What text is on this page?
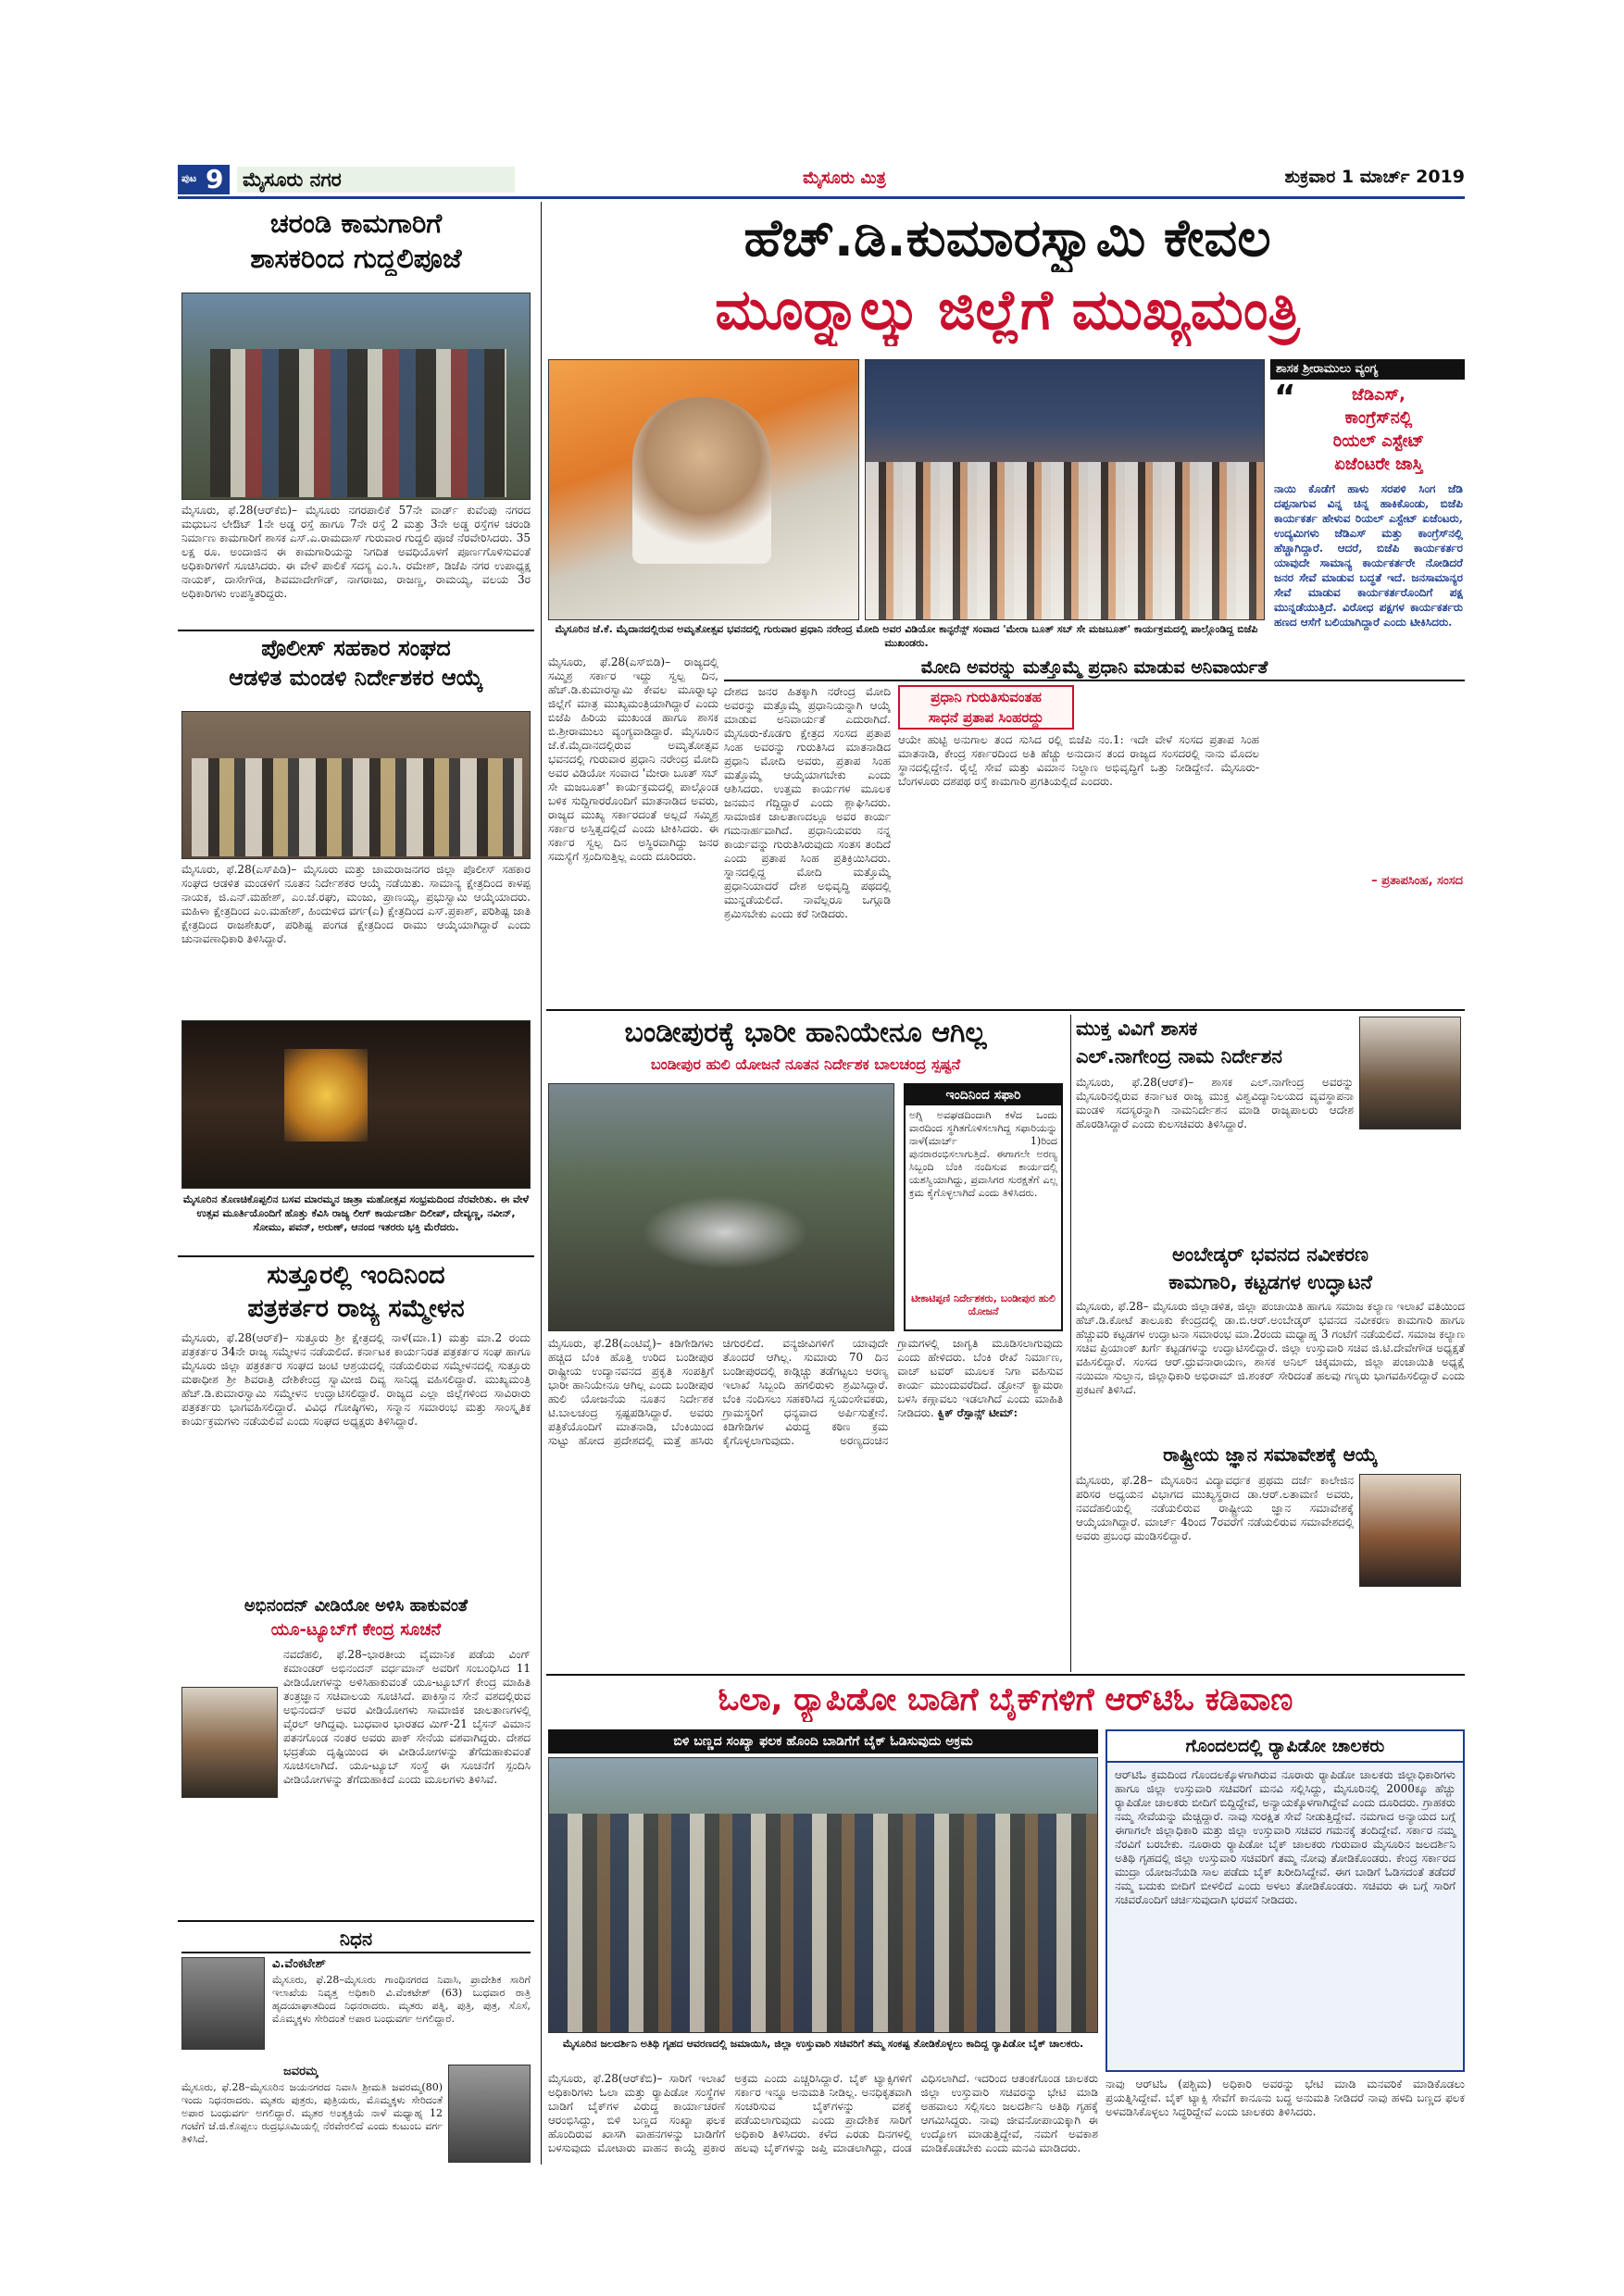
ಪುಟ 9 ಮೈಸೂರು ನಗರ	ಮೈಸೂರು ಮಿತ್ರ	ಶುಕ್ರವಾರ 1 ಮಾರ್ಚ್ 2019
ಚರಂಡಿ ಕಾಮಗಾರಿಗೆ
ಶಾಸಕರಿಂದ ಗುದ್ದಲಿಪೂಜೆ
ಮೈಸೂರು, ಫೆ.28(ಆರ್‌ಕೆಬಿ)– ಮೈಸೂರು ನಗರಪಾಲಿಕೆ 57ನೇ ವಾರ್ಡ್ ಕುವೆಂಪು ನಗರದ ಮಧುಬನ ಲೇಔಟ್ 1ನೇ ಅಡ್ಡ ರಸ್ತೆ ಹಾಗೂ 7ನೇ ರಸ್ತೆ 2 ಮತ್ತು 3ನೇ ಅಡ್ಡ ರಸ್ತೆಗಳ ಚರಂಡಿ ನಿರ್ಮಾಣ ಕಾಮಗಾರಿಗೆ ಶಾಸಕ ಎಸ್.ಎ.ರಾಮದಾಸ್ ಗುರುವಾರ ಗುದ್ದಲಿ ಪೂಜೆ ನೆರವೇರಿಸಿದರು. 35 ಲಕ್ಷ ರೂ. ಅಂದಾಜಿನ ಈ ಕಾಮಗಾರಿಯನ್ನು ನಿಗದಿತ ಅವಧಿಯೊಳಗೆ ಪೂರ್ಣಗೊಳಿಸುವಂತೆ ಅಧಿಕಾರಿಗಳಿಗೆ ಸೂಚಿಸಿದರು. ಈ ವೇಳೆ ಪಾಲಿಕೆ ಸದಸ್ಯ ಎಂ.ಸಿ. ರಮೇಶ್, ಡಿಜೆಪಿ ನಗರ ಉಪಾಧ್ಯಕ್ಷ ನಾಯಕ್, ದಾಸೇಗೌಡ, ಶಿವಮಾದೇಗೌಡ್, ನಾಗರಾಜು, ರಾಜಣ್ಣ, ರಾಮಯ್ಯ, ವಲಯ 3ರ ಅಧಿಕಾರಿಗಳು ಉಪಸ್ಥಿತರಿದ್ದರು.
ಪೊಲೀಸ್ ಸಹಕಾರ ಸಂಘದ
ಆಡಳಿತ ಮಂಡಳಿ ನಿರ್ದೇಶಕರ ಆಯ್ಕೆ
ಮೈಸೂರು, ಫೆ.28(ಎಸ್‌ಪಿಡಿ)– ಮೈಸೂರು ಮತ್ತು ಚಾಮರಾಜನಗರ ಜಿಲ್ಲಾ ಪೊಲೀಸ್ ಸಹಕಾರ ಸಂಘದ ಆಡಳಿತ ಮಂಡಳಿಗೆ ನೂತನ ನಿರ್ದೇಶಕರ ಆಯ್ಕೆ ನಡೆಯಿತು. ಸಾಮಾನ್ಯ ಕ್ಷೇತ್ರದಿಂದ ಕಾಳಪ್ಪ ನಾಯಕ, ಜಿ.ಎನ್.ಮಹೇಶ್, ಎಂ.ಜೆ.ರಘು, ಮಂಜು, ಪ್ರಾಣಯ್ಯ, ಪ್ರಭುಸ್ವಾಮಿ ಆಯ್ಕೆಯಾದರು. ಮಹಿಳಾ ಕ್ಷೇತ್ರದಿಂದ ಎಂ.ಮಹೇಶ್, ಹಿಂದುಳಿದ ವರ್ಗ(ಎ) ಕ್ಷೇತ್ರದಿಂದ ಎಸ್.ಪ್ರಕಾಶ್, ಪರಿಶಿಷ್ಟ ಜಾತಿ ಕ್ಷೇತ್ರದಿಂದ ರಾಜಶೇಖರ್, ಪರಿಶಿಷ್ಟ ಪಂಗಡ ಕ್ಷೇತ್ರದಿಂದ ರಾಮು ಆಯ್ಕೆಯಾಗಿದ್ದಾರೆ ಎಂದು ಚುನಾವಣಾಧಿಕಾರಿ ತಿಳಿಸಿದ್ದಾರೆ.
ಮೈಸೂರಿನ ತೊಣಚಿಕೊಪ್ಪಲಿನ ಬಸವ ಮಾರಮ್ಮನ ಜಾತ್ರಾ ಮಹೋತ್ಸವ ಸಂಭ್ರಮದಿಂದ ನೆರವೇರಿತು. ಈ ವೇಳೆ ಉತ್ಸವ ಮೂರ್ತಿಯೊಂದಿಗೆ ಹೊತ್ತು ಕೆವಿಸಿ ರಾಜ್ಯ ಲೀಗ್ ಕಾರ್ಯದರ್ಶಿ ದಿಲೀಪ್, ದೇವ್ಯಣ್ಣ, ನವೀನ್, ಸೋಮು, ಪವನ್, ಅರುಣ್, ಆನಂದ ಇತರರು ಭಕ್ತಿ ಮೆರೆದರು.
ಸುತ್ತೂರಲ್ಲಿ ಇಂದಿನಿಂದ
ಪತ್ರಕರ್ತರ ರಾಜ್ಯ ಸಮ್ಮೇಳನ
ಮೈಸೂರು, ಫೆ.28(ಆರ್‌ಕೆ)– ಸುತ್ತೂರು ಶ್ರೀ ಕ್ಷೇತ್ರದಲ್ಲಿ ನಾಳೆ(ಮಾ.1) ಮತ್ತು ಮಾ.2 ರಂದು ಪತ್ರಕರ್ತರ 34ನೇ ರಾಜ್ಯ ಸಮ್ಮೇಳನ ನಡೆಯಲಿದೆ. ಕರ್ನಾಟಕ ಕಾರ್ಯನಿರತ ಪತ್ರಕರ್ತರ ಸಂಘ ಹಾಗೂ ಮೈಸೂರು ಜಿಲ್ಲಾ ಪತ್ರಕರ್ತರ ಸಂಘದ ಜಂಟಿ ಆಶ್ರಯದಲ್ಲಿ ನಡೆಯಲಿರುವ ಸಮ್ಮೇಳನದಲ್ಲಿ ಸುತ್ತೂರು ಮಠಾಧೀಶ ಶ್ರೀ ಶಿವರಾತ್ರಿ ದೇಶಿಕೇಂದ್ರ ಸ್ವಾಮೀಜಿ ದಿವ್ಯ ಸಾನಿಧ್ಯ ವಹಿಸಲಿದ್ದಾರೆ. ಮುಖ್ಯಮಂತ್ರಿ ಹೆಚ್.ಡಿ.ಕುಮಾರಸ್ವಾಮಿ ಸಮ್ಮೇಳನ ಉದ್ಘಾಟಿಸಲಿದ್ದಾರೆ. ರಾಜ್ಯದ ಎಲ್ಲಾ ಜಿಲ್ಲೆಗಳಿಂದ ಸಾವಿರಾರು ಪತ್ರಕರ್ತರು ಭಾಗವಹಿಸಲಿದ್ದಾರೆ. ವಿವಿಧ ಗೋಷ್ಠಿಗಳು, ಸನ್ಮಾನ ಸಮಾರಂಭ ಮತ್ತು ಸಾಂಸ್ಕೃತಿಕ ಕಾರ್ಯಕ್ರಮಗಳು ನಡೆಯಲಿವೆ ಎಂದು ಸಂಘದ ಅಧ್ಯಕ್ಷರು ತಿಳಿಸಿದ್ದಾರೆ.
ಅಭಿನಂದನ್ ವೀಡಿಯೋ ಅಳಿಸಿ ಹಾಕುವಂತೆ
ಯೂ-ಟ್ಯೂಬ್‌ಗೆ ಕೇಂದ್ರ ಸೂಚನೆ
ನವದೆಹಲಿ, ಫೆ.28–ಭಾರತೀಯ ವೈಮಾನಿಕ ಪಡೆಯ ವಿಂಗ್ ಕಮಾಂಡರ್ ಅಭಿನಂದನ್ ವರ್ಧಮಾನ್ ಅವರಿಗೆ ಸಂಬಂಧಿಸಿದ 11 ವೀಡಿಯೋಗಳನ್ನು ಅಳಿಸಿಹಾಕುವಂತೆ ಯೂ-ಟ್ಯೂಬ್‌ಗೆ ಕೇಂದ್ರ ಮಾಹಿತಿ ತಂತ್ರಜ್ಞಾನ ಸಚಿವಾಲಯ ಸೂಚಿಸಿದೆ. ಪಾಕಿಸ್ತಾನ ಸೇನೆ ವಶದಲ್ಲಿರುವ ಅಭಿನಂದನ್ ಅವರ ವೀಡಿಯೋಗಳು ಸಾಮಾಜಿಕ ಜಾಲತಾಣಗಳಲ್ಲಿ ವೈರಲ್ ಆಗಿದ್ದವು. ಬುಧವಾರ ಭಾರತದ ಮಿಗ್-21 ಬೈಸನ್ ವಿಮಾನ ಪತನಗೊಂಡ ನಂತರ ಅವರು ಪಾಕ್ ಸೇನೆಯ ವಶವಾಗಿದ್ದರು. ದೇಶದ ಭದ್ರತೆಯ ದೃಷ್ಟಿಯಿಂದ ಈ ವೀಡಿಯೋಗಳನ್ನು ತೆಗೆದುಹಾಕುವಂತೆ ಸೂಚಿಸಲಾಗಿದೆ. ಯೂ-ಟ್ಯೂಬ್ ಸಂಸ್ಥೆ ಈ ಸೂಚನೆಗೆ ಸ್ಪಂದಿಸಿ ವೀಡಿಯೋಗಳನ್ನು ತೆಗೆದುಹಾಕಿದೆ ಎಂದು ಮೂಲಗಳು ತಿಳಿಸಿವೆ.
ನಿಧನ
ವಿ.ವೆಂಕಟೇಶ್
ಮೈಸೂರು, ಫೆ.28–ಮೈಸೂರು ಗಾಂಧಿನಗರದ ನಿವಾಸಿ, ಪ್ರಾದೇಶಿಕ ಸಾರಿಗೆ ಇಲಾಖೆಯ ನಿವೃತ್ತ ಅಧಿಕಾರಿ ವಿ.ವೆಂಕಟೇಶ್ (63) ಬುಧವಾರ ರಾತ್ರಿ ಹೃದಯಾಘಾತದಿಂದ ನಿಧನರಾದರು. ಮೃತರು ಪತ್ನಿ, ಪುತ್ರಿ, ಪುತ್ರ, ಸೊಸೆ, ಮೊಮ್ಮಕ್ಕಳು ಸೇರಿದಂತೆ ಅಪಾರ ಬಂಧುವರ್ಗ ಅಗಲಿದ್ದಾರೆ.
ಜವರಮ್ಮ
ಮೈಸೂರು, ಫೆ.28–ಮೈಸೂರಿನ ಜಯನಗರದ ನಿವಾಸಿ ಶ್ರೀಮತಿ ಜವರಮ್ಮ(80) ಇಂದು ನಿಧನರಾದರು. ಮೃತರು ಪುತ್ರರು, ಪುತ್ರಿಯರು, ಮೊಮ್ಮಕ್ಕಳು ಸೇರಿದಂತೆ ಅಪಾರ ಬಂಧುವರ್ಗ ಅಗಲಿದ್ದಾರೆ. ಮೃತರ ಅಂತ್ಯಕ್ರಿಯೆ ನಾಳೆ ಮಧ್ಯಾಹ್ನ 12 ಗಂಟೆಗೆ ಜೆ.ಜಿ.ಕೊಪ್ಪಲು ರುದ್ರಭೂಮಿಯಲ್ಲಿ ನೆರವೇರಲಿದೆ ಎಂದು ಕುಟುಂಬ ವರ್ಗ ತಿಳಿಸಿದೆ.
ಹೆಚ್.ಡಿ.ಕುಮಾರಸ್ವಾಮಿ ಕೇವಲ
ಮೂರ್‍ನಾಲ್ಕು ಜಿಲ್ಲೆಗೆ ಮುಖ್ಯಮಂತ್ರಿ
ಮೈಸೂರಿನ ಜೆ.ಕೆ. ಮೈದಾನದಲ್ಲಿರುವ ಅಮೃತೋತ್ಸವ ಭವನದಲ್ಲಿ ಗುರುವಾರ ಪ್ರಧಾನಿ ನರೇಂದ್ರ ಮೋದಿ ಅವರ ವಿಡಿಯೋ ಕಾನ್ಫರೆನ್ಸ್ ಸಂವಾದ 'ಮೇರಾ ಬೂತ್ ಸಬ್ ಸೇ ಮಜಬೂತ್' ಕಾರ್ಯಕ್ರಮದಲ್ಲಿ ಪಾಲ್ಗೊಂಡಿದ್ದ ಬಿಜೆಪಿ ಮುಖಂಡರು.
ಮೈಸೂರು, ಫೆ.28(ಎಸ್‌ಬಿಡಿ)– ರಾಜ್ಯದಲ್ಲಿ ಸಮ್ಮಿಶ್ರ ಸರ್ಕಾರ ಇದ್ದು ಸ್ವಲ್ಪ ದಿನ, ಹೆಚ್.ಡಿ.ಕುಮಾರಸ್ವಾಮಿ ಕೇವಲ ಮೂರ್‍ನಾಲ್ಕು ಜಿಲ್ಲೆಗೆ ಮಾತ್ರ ಮುಖ್ಯಮಂತ್ರಿಯಾಗಿದ್ದಾರೆ ಎಂದು ಬಿಜೆಪಿ ಹಿರಿಯ ಮುಖಂಡ ಹಾಗೂ ಶಾಸಕ ಬಿ.ಶ್ರೀರಾಮುಲು ವ್ಯಂಗ್ಯವಾಡಿದ್ದಾರೆ. ಮೈಸೂರಿನ ಜೆ.ಕೆ.ಮೈದಾನದಲ್ಲಿರುವ ಅಮೃತೋತ್ಸವ ಭವನದಲ್ಲಿ ಗುರುವಾರ ಪ್ರಧಾನಿ ನರೇಂದ್ರ ಮೋದಿ ಅವರ ವಿಡಿಯೋ ಸಂವಾದ 'ಮೇರಾ ಬೂತ್ ಸಬ್ ಸೇ ಮಜಬೂತ್' ಕಾರ್ಯಕ್ರಮದಲ್ಲಿ ಪಾಲ್ಗೊಂಡ ಬಳಿಕ ಸುದ್ದಿಗಾರರೊಂದಿಗೆ ಮಾತನಾಡಿದ ಅವರು, ರಾಜ್ಯದ ಮುಖ್ಯ ಸರ್ಕಾರದಂತೆ ಅಲ್ಲದೆ ಸಮ್ಮಿಶ್ರ ಸರ್ಕಾರ ಅಸ್ತಿತ್ವದಲ್ಲಿದೆ ಎಂದು ಟೀಕಿಸಿದರು. ಈ ಸರ್ಕಾರ ಸ್ವಲ್ಪ ದಿನ ಅಸ್ಥಿರವಾಗಿದ್ದು ಜನರ ಸಮಸ್ಯೆಗೆ ಸ್ಪಂದಿಸುತ್ತಿಲ್ಲ ಎಂದು ದೂರಿದರು.
ಮೋದಿ ಅವರನ್ನು ಮತ್ತೊಮ್ಮೆ ಪ್ರಧಾನಿ ಮಾಡುವ ಅನಿವಾರ್ಯತೆ
ದೇಶದ ಜನರ ಹಿತಕ್ಕಾಗಿ ನರೇಂದ್ರ ಮೋದಿ ಅವರನ್ನು ಮತ್ತೊಮ್ಮೆ ಪ್ರಧಾನಿಯನ್ನಾಗಿ ಆಯ್ಕೆ ಮಾಡುವ ಅನಿವಾರ್ಯತೆ ಎದುರಾಗಿದೆ. ಮೈಸೂರು-ಕೊಡಗು ಕ್ಷೇತ್ರದ ಸಂಸದ ಪ್ರತಾಪ ಸಿಂಹ ಅವರನ್ನು ಗುರುತಿಸಿದ ಮಾತನಾಡಿದ ಪ್ರಧಾನಿ ಮೋದಿ ಅವರು, ಪ್ರತಾಪ ಸಿಂಹ ಮತ್ತೊಮ್ಮೆ ಆಯ್ಕೆಯಾಗಬೇಕು ಎಂದು ಆಶಿಸಿದರು. ಉತ್ತಮ ಕಾರ್ಯಗಳ ಮೂಲಕ ಜನಮನ ಗೆದ್ದಿದ್ದಾರೆ ಎಂದು ಶ್ಲಾಘಿಸಿದರು. ಸಾಮಾಜಿಕ ಜಾಲತಾಣದಲ್ಲೂ ಅವರ ಕಾರ್ಯ ಗಮನಾರ್ಹವಾಗಿದೆ. ಪ್ರಧಾನಿಯವರು ನನ್ನ ಕಾರ್ಯವನ್ನು ಗುರುತಿಸಿರುವುದು ಸಂತಸ ತಂದಿದೆ ಎಂದು ಪ್ರತಾಪ ಸಿಂಹ ಪ್ರತಿಕ್ರಿಯಿಸಿದರು. ಸ್ನಾನದಲ್ಲಿದ್ದ ಮೋದಿ ಮತ್ತೊಮ್ಮೆ ಪ್ರಧಾನಿಯಾದರೆ ದೇಶ ಅಭಿವೃದ್ಧಿ ಪಥದಲ್ಲಿ ಮುನ್ನಡೆಯಲಿದೆ. ನಾವೆಲ್ಲರೂ ಒಗ್ಗೂಡಿ ಶ್ರಮಿಸಬೇಕು ಎಂದು ಕರೆ ನೀಡಿದರು.
ಪ್ರಧಾನಿ ಗುರುತಿಸುವಂತಹ
ಸಾಧನೆ ಪ್ರತಾಪ ಸಿಂಹರದ್ದು
ಆಯೇ ಹುಟ್ಟಿ ಅನುಗಾಲ ತಂದ ಸುಸಿದ ರಲ್ಲಿ ಬಿಜೆಪಿ ನಂ.1: ಇದೇ ವೇಳೆ ಸಂಸದ ಪ್ರತಾಪ ಸಿಂಹ ಮಾತನಾಡಿ, ಕೇಂದ್ರ ಸರ್ಕಾರದಿಂದ ಅತಿ ಹೆಚ್ಚು ಅನುದಾನ ತಂದ ರಾಜ್ಯದ ಸಂಸದರಲ್ಲಿ ನಾನು ಮೊದಲ ಸ್ಥಾನದಲ್ಲಿದ್ದೇನೆ. ರೈಲ್ವೆ ಸೇವೆ ಮತ್ತು ವಿಮಾನ ನಿಲ್ದಾಣ ಅಭಿವೃದ್ಧಿಗೆ ಒತ್ತು ನೀಡಿದ್ದೇನೆ. ಮೈಸೂರು-ಬೆಂಗಳೂರು ದಶಪಥ ರಸ್ತೆ ಕಾಮಗಾರಿ ಪ್ರಗತಿಯಲ್ಲಿದೆ ಎಂದರು.
ಶಾಸಕ ಶ್ರೀರಾಮುಲು ವ್ಯಂಗ್ಯ
“	ಜೆಡಿಎಸ್,
ಕಾಂಗ್ರೆಸ್‌ನಲ್ಲಿ
ರಿಯಲ್ ಎಸ್ಟೇಟ್
ಏಜೆಂಟರೇ ಜಾಸ್ತಿ
ನಾಯಿ ಕೊಡೆಗೆ ಹಾಳು ಸರಪಳಿ ಸಿಂಗ ಜೆಡಿ ದಪ್ಪನಾಗುವ ವಿನ್ನ ಚಿನ್ನ ಹಾಕಿಕೊಂಡು, ಬಿಜೆಪಿ ಕಾರ್ಯಕರ್ತ ಹೇಳುವ ರಿಯಲ್ ಎಸ್ಟೇಟ್ ಏಜೆಂಟರು, ಉದ್ಯಮಿಗಳು ಜೆಡಿಎಸ್ ಮತ್ತು ಕಾಂಗ್ರೆಸ್‌ನಲ್ಲಿ ಹೆಚ್ಚಾಗಿದ್ದಾರೆ. ಆದರೆ, ಬಿಜೆಪಿ ಕಾರ್ಯಕರ್ತರ ಯಾವುದೇ ಸಾಮಾನ್ಯ ಕಾರ್ಯಕರ್ತರೇ ನೋಡಿದರೆ ಜನರ ಸೇವೆ ಮಾಡುವ ಬದ್ಧತೆ ಇದೆ. ಜನಸಾಮಾನ್ಯರ ಸೇವೆ ಮಾಡುವ ಕಾರ್ಯಕರ್ತರೊಂದಿಗೆ ಪಕ್ಷ ಮುನ್ನಡೆಯುತ್ತಿದೆ. ವಿರೋಧ ಪಕ್ಷಗಳ ಕಾರ್ಯಕರ್ತರು ಹಣದ ಆಸೆಗೆ ಬಲಿಯಾಗಿದ್ದಾರೆ ಎಂದು ಟೀಕಿಸಿದರು.
– ಪ್ರತಾಪಸಿಂಹ, ಸಂಸದ
ಬಂಡೀಪುರಕ್ಕೆ ಭಾರೀ ಹಾನಿಯೇನೂ ಆಗಿಲ್ಲ
ಬಂಡೀಪುರ ಹುಲಿ ಯೋಜನೆ ನೂತನ ನಿರ್ದೇಶಕ ಬಾಲಚಂದ್ರ ಸ್ಪಷ್ಟನೆ
ಇಂದಿನಿಂದ ಸಫಾರಿ
ಅಗ್ನಿ ಅವಘಡದಿಂದಾಗಿ ಕಳೆದ ಒಂದು ವಾರದಿಂದ ಸ್ಥಗಿತಗೊಳಿಸಲಾಗಿದ್ದ ಸಫಾರಿಯನ್ನು ನಾಳೆ(ಮಾರ್ಚ್ 1)ರಿಂದ ಪುನರಾರಂಭಿಸಲಾಗುತ್ತಿದೆ. ಈಗಾಗಲೇ ಅರಣ್ಯ ಸಿಬ್ಬಂದಿ ಬೆಂಕಿ ನಂದಿಸುವ ಕಾರ್ಯದಲ್ಲಿ ಯಶಸ್ವಿಯಾಗಿದ್ದು, ಪ್ರವಾಸಿಗರ ಸುರಕ್ಷತೆಗೆ ಎಲ್ಲ ಕ್ರಮ ಕೈಗೊಳ್ಳಲಾಗಿದೆ ಎಂದು ತಿಳಿಸಿದರು.
ಟೀಕಾಟಿಪ್ಪಣಿ ನಿರ್ದೇಶಕರು, ಬಂಡೀಪುರ ಹುಲಿ ಯೋಜನೆ
ಮೈಸೂರು, ಫೆ.28(ಎಂಟಿವೈ)– ಕಿಡಿಗೇಡಿಗಳು ಹಚ್ಚಿದ ಬೆಂಕಿ ಹೊತ್ತಿ ಉರಿದ ಬಂಡೀಪುರ ರಾಷ್ಟ್ರೀಯ ಉದ್ಯಾನವನದ ಪ್ರಕೃತಿ ಸಂಪತ್ತಿಗೆ ಭಾರೀ ಹಾನಿಯೇನೂ ಆಗಿಲ್ಲ ಎಂದು ಬಂಡೀಪುರ ಹುಲಿ ಯೋಜನೆಯ ನೂತನ ನಿರ್ದೇಶಕ ಟಿ.ಬಾಲಚಂದ್ರ ಸ್ಪಷ್ಟಪಡಿಸಿದ್ದಾರೆ. ಅವರು ಪತ್ರಿಕೆಯೊಂದಿಗೆ ಮಾತನಾಡಿ, ಬೆಂಕಿಯಿಂದ ಸುಟ್ಟು ಹೋದ ಪ್ರದೇಶದಲ್ಲಿ ಮತ್ತೆ ಹಸಿರು ಚಿಗುರಲಿದೆ. ವನ್ಯಜೀವಿಗಳಿಗೆ ಯಾವುದೇ ತೊಂದರೆ ಆಗಿಲ್ಲ. ಸುಮಾರು 70 ದಿನ ಬಂಡೀಪುರದಲ್ಲಿ ಕಾಡ್ಗಿಚ್ಚು ತಡೆಗಟ್ಟಲು ಅರಣ್ಯ ಇಲಾಖೆ ಸಿಬ್ಬಂದಿ ಹಗಲಿರುಳು ಶ್ರಮಿಸಿದ್ದಾರೆ. ಬೆಂಕಿ ನಂದಿಸಲು ಸಹಕರಿಸಿದ ಸ್ವಯಂಸೇವಕರು, ಗ್ರಾಮಸ್ಥರಿಗೆ ಧನ್ಯವಾದ ಅರ್ಪಿಸುತ್ತೇನೆ. ಕಿಡಿಗೇಡಿಗಳ ವಿರುದ್ಧ ಕಠಿಣ ಕ್ರಮ ಕೈಗೊಳ್ಳಲಾಗುವುದು. ಅರಣ್ಯದಂಚಿನ ಗ್ರಾಮಗಳಲ್ಲಿ ಜಾಗೃತಿ ಮೂಡಿಸಲಾಗುವುದು ಎಂದು ಹೇಳಿದರು. ಬೆಂಕಿ ರೇಖೆ ನಿರ್ಮಾಣ, ವಾಚ್ ಟವರ್ ಮೂಲಕ ನಿಗಾ ವಹಿಸುವ ಕಾರ್ಯ ಮುಂದುವರೆದಿದೆ. ಡ್ರೋನ್ ಕ್ಯಾಮರಾ ಬಳಸಿ ಕಣ್ಗಾವಲು ಇಡಲಾಗಿದೆ ಎಂದು ಮಾಹಿತಿ ನೀಡಿದರು. ಕ್ವಿಕ್ ರೆಸ್ಪಾನ್ಸ್ ಟೀಮ್:
ಮುಕ್ತ ವಿವಿಗೆ ಶಾಸಕ
ಎಲ್.ನಾಗೇಂದ್ರ ನಾಮ ನಿರ್ದೇಶನ
ಮೈಸೂರು, ಫೆ.28(ಆರ್‌ಕೆ)– ಶಾಸಕ ಎಲ್.ನಾಗೇಂದ್ರ ಅವರನ್ನು ಮೈಸೂರಿನಲ್ಲಿರುವ ಕರ್ನಾಟಕ ರಾಜ್ಯ ಮುಕ್ತ ವಿಶ್ವವಿದ್ಯಾನಿಲಯದ ವ್ಯವಸ್ಥಾಪನಾ ಮಂಡಳಿ ಸದಸ್ಯರನ್ನಾಗಿ ನಾಮನಿರ್ದೇಶನ ಮಾಡಿ ರಾಜ್ಯಪಾಲರು ಆದೇಶ ಹೊರಡಿಸಿದ್ದಾರೆ ಎಂದು ಕುಲಸಚಿವರು ತಿಳಿಸಿದ್ದಾರೆ.
ಅಂಬೇಡ್ಕರ್ ಭವನದ ನವೀಕರಣ
ಕಾಮಗಾರಿ, ಕಟ್ಟಡಗಳ ಉದ್ಘಾಟನೆ
ಮೈಸೂರು, ಫೆ.28– ಮೈಸೂರು ಜಿಲ್ಲಾಡಳಿತ, ಜಿಲ್ಲಾ ಪಂಚಾಯಿತಿ ಹಾಗೂ ಸಮಾಜ ಕಲ್ಯಾಣ ಇಲಾಖೆ ವತಿಯಿಂದ ಹೆಚ್.ಡಿ.ಕೋಟೆ ತಾಲೂಕು ಕೇಂದ್ರದಲ್ಲಿ ಡಾ.ಬಿ.ಆರ್.ಅಂಬೇಡ್ಕರ್ ಭವನದ ನವೀಕರಣ ಕಾಮಗಾರಿ ಹಾಗೂ ಹೆಚ್ಚುವರಿ ಕಟ್ಟಡಗಳ ಉದ್ಘಾಟನಾ ಸಮಾರಂಭ ಮಾ.2ರಂದು ಮಧ್ಯಾಹ್ನ 3 ಗಂಟೆಗೆ ನಡೆಯಲಿದೆ. ಸಮಾಜ ಕಲ್ಯಾಣ ಸಚಿವ ಪ್ರಿಯಾಂಕ್ ಖರ್ಗೆ ಕಟ್ಟಡಗಳನ್ನು ಉದ್ಘಾಟಿಸಲಿದ್ದಾರೆ. ಜಿಲ್ಲಾ ಉಸ್ತುವಾರಿ ಸಚಿವ ಜಿ.ಟಿ.ದೇವೇಗೌಡ ಅಧ್ಯಕ್ಷತೆ ವಹಿಸಲಿದ್ದಾರೆ. ಸಂಸದ ಆರ್.ಧ್ರುವನಾರಾಯಣ, ಶಾಸಕ ಅನಿಲ್ ಚಿಕ್ಕಮಾದು, ಜಿಲ್ಲಾ ಪಂಚಾಯಿತಿ ಅಧ್ಯಕ್ಷೆ ನಯಿಮಾ ಸುಲ್ತಾನ, ಜಿಲ್ಲಾಧಿಕಾರಿ ಅಭಿರಾಮ್ ಜಿ.ಶಂಕರ್ ಸೇರಿದಂತೆ ಹಲವು ಗಣ್ಯರು ಭಾಗವಹಿಸಲಿದ್ದಾರೆ ಎಂದು ಪ್ರಕಟಣೆ ತಿಳಿಸಿದೆ.
ರಾಷ್ಟ್ರೀಯ ಜ್ಞಾನ ಸಮಾವೇಶಕ್ಕೆ ಆಯ್ಕೆ
ಮೈಸೂರು, ಫೆ.28– ಮೈಸೂರಿನ ವಿದ್ಯಾವರ್ಧಕ ಪ್ರಥಮ ದರ್ಜೆ ಕಾಲೇಜಿನ ಪರಿಸರ ಅಧ್ಯಯನ ವಿಭಾಗದ ಮುಖ್ಯಸ್ಥರಾದ ಡಾ.ಆರ್.ಲತಾಮಣಿ ಅವರು, ನವದೆಹಲಿಯಲ್ಲಿ ನಡೆಯಲಿರುವ ರಾಷ್ಟ್ರೀಯ ಜ್ಞಾನ ಸಮಾವೇಶಕ್ಕೆ ಆಯ್ಕೆಯಾಗಿದ್ದಾರೆ. ಮಾರ್ಚ್ 4ರಿಂದ 7ರವರೆಗೆ ನಡೆಯಲಿರುವ ಸಮಾವೇಶದಲ್ಲಿ ಅವರು ಪ್ರಬಂಧ ಮಂಡಿಸಲಿದ್ದಾರೆ.
ಓಲಾ, ರ್‍ಯಾಪಿಡೋ ಬಾಡಿಗೆ ಬೈಕ್‌ಗಳಿಗೆ ಆರ್‌ಟಿಓ ಕಡಿವಾಣ
ಬಿಳಿ ಬಣ್ಣದ ಸಂಖ್ಯಾ ಫಲಕ ಹೊಂದಿ ಬಾಡಿಗೆಗೆ ಬೈಕ್ ಓಡಿಸುವುದು ಅಕ್ರಮ
ಮೈಸೂರಿನ ಜಲದರ್ಶಿನಿ ಅತಿಥಿ ಗೃಹದ ಆವರಣದಲ್ಲಿ ಜಮಾಯಿಸಿ, ಜಿಲ್ಲಾ ಉಸ್ತುವಾರಿ ಸಚಿವರಿಗೆ ತಮ್ಮ ಸಂಕಷ್ಟ ತೋಡಿಕೊಳ್ಳಲು ಕಾದಿದ್ದ ರ್‍ಯಾಪಿಡೋ ಬೈಕ್ ಚಾಲಕರು.
ಮೈಸೂರು, ಫೆ.28(ಆರ್‌ಕೆಬಿ)– ಸಾರಿಗೆ ಇಲಾಖೆ ಅಧಿಕಾರಿಗಳು ಓಲಾ ಮತ್ತು ರ್‍ಯಾಪಿಡೋ ಸಂಸ್ಥೆಗಳ ಬಾಡಿಗೆ ಬೈಕ್‌ಗಳ ವಿರುದ್ಧ ಕಾರ್ಯಾಚರಣೆ ಆರಂಭಿಸಿದ್ದು, ಬಿಳಿ ಬಣ್ಣದ ಸಂಖ್ಯಾ ಫಲಕ ಹೊಂದಿರುವ ಖಾಸಗಿ ವಾಹನಗಳನ್ನು ಬಾಡಿಗೆಗೆ ಬಳಸುವುದು ಮೋಟಾರು ವಾಹನ ಕಾಯ್ದೆ ಪ್ರಕಾರ ಅಕ್ರಮ ಎಂದು ಎಚ್ಚರಿಸಿದ್ದಾರೆ. ಬೈಕ್ ಟ್ಯಾಕ್ಸಿಗಳಿಗೆ ಸರ್ಕಾರ ಇನ್ನೂ ಅನುಮತಿ ನೀಡಿಲ್ಲ. ಅನಧಿಕೃತವಾಗಿ ಸಂಚರಿಸುವ ಬೈಕ್‌ಗಳನ್ನು ವಶಕ್ಕೆ ಪಡೆಯಲಾಗುವುದು ಎಂದು ಪ್ರಾದೇಶಿಕ ಸಾರಿಗೆ ಅಧಿಕಾರಿ ತಿಳಿಸಿದರು. ಕಳೆದ ಎರಡು ದಿನಗಳಲ್ಲಿ ಹಲವು ಬೈಕ್‌ಗಳನ್ನು ಜಪ್ತಿ ಮಾಡಲಾಗಿದ್ದು, ದಂಡ ವಿಧಿಸಲಾಗಿದೆ. ಇದರಿಂದ ಆತಂಕಗೊಂಡ ಚಾಲಕರು ಜಿಲ್ಲಾ ಉಸ್ತುವಾರಿ ಸಚಿವರನ್ನು ಭೇಟಿ ಮಾಡಿ ಅಹವಾಲು ಸಲ್ಲಿಸಲು ಜಲದರ್ಶಿನಿ ಅತಿಥಿ ಗೃಹಕ್ಕೆ ಆಗಮಿಸಿದ್ದರು. ನಾವು ಜೀವನೋಪಾಯಕ್ಕಾಗಿ ಈ ಉದ್ಯೋಗ ಮಾಡುತ್ತಿದ್ದೇವೆ, ನಮಗೆ ಅವಕಾಶ ಮಾಡಿಕೊಡಬೇಕು ಎಂದು ಮನವಿ ಮಾಡಿದರು.
ಗೊಂದಲದಲ್ಲಿ ರ್‍ಯಾಪಿಡೋ ಚಾಲಕರು
ಆರ್‌ಟಿಓ ಕ್ರಮದಿಂದ ಗೊಂದಲಕ್ಕೊಳಗಾಗಿರುವ ನೂರಾರು ರ್‍ಯಾಪಿಡೋ ಚಾಲಕರು ಜಿಲ್ಲಾಧಿಕಾರಿಗಳು ಹಾಗೂ ಜಿಲ್ಲಾ ಉಸ್ತುವಾರಿ ಸಚಿವರಿಗೆ ಮನವಿ ಸಲ್ಲಿಸಿದ್ದು, ಮೈಸೂರಿನಲ್ಲಿ 2000ಕ್ಕೂ ಹೆಚ್ಚು ರ್‍ಯಾಪಿಡೋ ಚಾಲಕರು ಬೀದಿಗೆ ಬಿದ್ದಿದ್ದೇವೆ, ಅನ್ಯಾಯಕ್ಕೊಳಗಾಗಿದ್ದೇವೆ ಎಂದು ದೂರಿದರು. ಗ್ರಾಹಕರು ನಮ್ಮ ಸೇವೆಯನ್ನು ಮೆಚ್ಚಿದ್ದಾರೆ. ನಾವು ಸುರಕ್ಷಿತ ಸೇವೆ ನೀಡುತ್ತಿದ್ದೇವೆ. ನಮಗಾದ ಅನ್ಯಾಯದ ಬಗ್ಗೆ ಈಗಾಗಲೇ ಜಿಲ್ಲಾಧಿಕಾರಿ ಮತ್ತು ಜಿಲ್ಲಾ ಉಸ್ತುವಾರಿ ಸಚಿವರ ಗಮನಕ್ಕೆ ತಂದಿದ್ದೇವೆ. ಸರ್ಕಾರ ನಮ್ಮ ನೆರವಿಗೆ ಬರಬೇಕು. ನೂರಾರು ರ್‍ಯಾಪಿಡೋ ಬೈಕ್ ಚಾಲಕರು ಗುರುವಾರ ಮೈಸೂರಿನ ಜಲದರ್ಶಿನಿ ಅತಿಥಿ ಗೃಹದಲ್ಲಿ ಜಿಲ್ಲಾ ಉಸ್ತುವಾರಿ ಸಚಿವರಿಗೆ ತಮ್ಮ ನೋವು ತೋಡಿಕೊಂಡರು. ಕೇಂದ್ರ ಸರ್ಕಾರದ ಮುದ್ರಾ ಯೋಜನೆಯಡಿ ಸಾಲ ಪಡೆದು ಬೈಕ್ ಖರೀದಿಸಿದ್ದೇವೆ. ಈಗ ಬಾಡಿಗೆ ಓಡಿಸದಂತೆ ತಡೆದರೆ ನಮ್ಮ ಬದುಕು ಬೀದಿಗೆ ಬೀಳಲಿದೆ ಎಂದು ಅಳಲು ತೋಡಿಕೊಂಡರು. ಸಚಿವರು ಈ ಬಗ್ಗೆ ಸಾರಿಗೆ ಸಚಿವರೊಂದಿಗೆ ಚರ್ಚಿಸುವುದಾಗಿ ಭರವಸೆ ನೀಡಿದರು.
ನಾವು ಆರ್‌ಟಿಓ (ಪಶ್ಚಿಮ) ಅಧಿಕಾರಿ ಅವರನ್ನು ಭೇಟಿ ಮಾಡಿ ಮನವರಿಕೆ ಮಾಡಿಕೊಡಲು ಪ್ರಯತ್ನಿಸಿದ್ದೇವೆ. ಬೈಕ್ ಟ್ಯಾಕ್ಸಿ ಸೇವೆಗೆ ಕಾನೂನು ಬದ್ಧ ಅನುಮತಿ ನೀಡಿದರೆ ನಾವು ಹಳದಿ ಬಣ್ಣದ ಫಲಕ ಅಳವಡಿಸಿಕೊಳ್ಳಲು ಸಿದ್ಧರಿದ್ದೇವೆ ಎಂದು ಚಾಲಕರು ತಿಳಿಸಿದರು.
